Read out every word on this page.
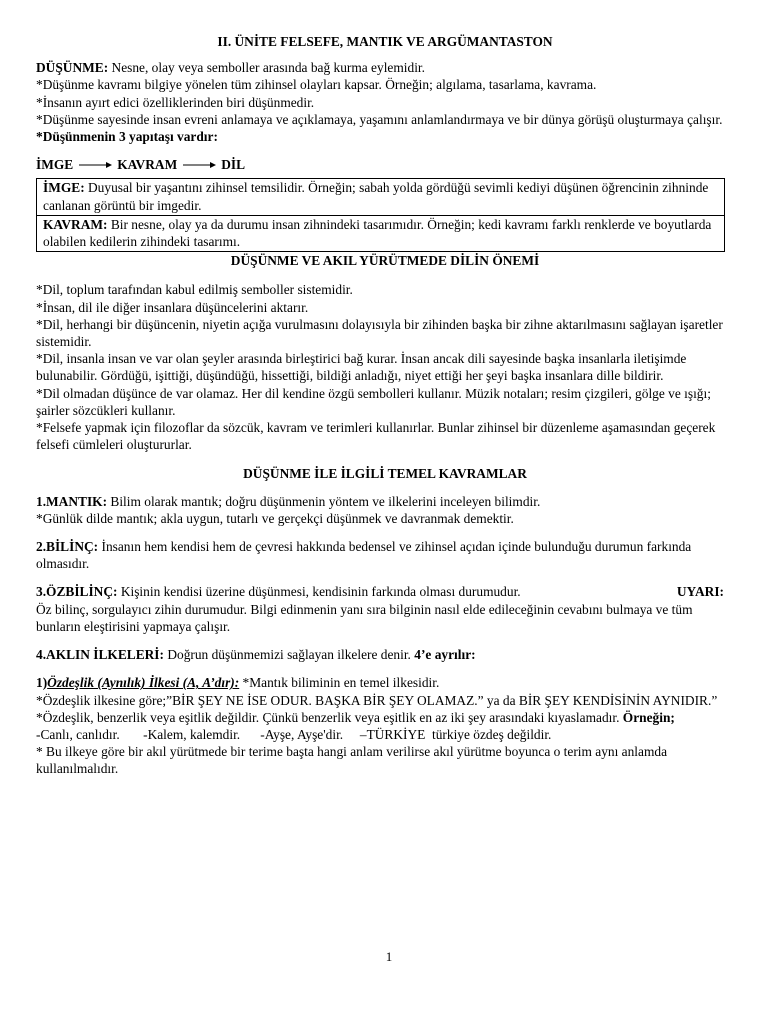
II. ÜNİTE FELSEFE, MANTIK VE ARGÜMANTASTON
DÜŞÜNME: Nesne, olay veya semboller arasında bağ kurma eylemidir.
*Düşünme kavramı bilgiye yönelen tüm zihinsel olayları kapsar. Örneğin; algılama, tasarlama, kavrama.
*İnsanın ayırt edici özelliklerinden biri düşünmedir.
*Düşünme sayesinde insan evreni anlamaya ve açıklamaya, yaşamını anlamlandırmaya ve bir dünya görüşü oluşturmaya çalışır.
*Düşünmenin 3 yapıtaşı vardır:
İMGE	KAVRAM	DİL
İMGE: Duyusal bir yaşantını zihinsel temsilidir. Örneğin; sabah yolda gördüğü sevimli kediyi düşünen öğrencinin zihninde canlanan görüntü bir imgedir.
KAVRAM: Bir nesne, olay ya da durumu insan zihnindeki tasarımıdır. Örneğin; kedi kavramı farklı renklerde ve boyutlarda olabilen kedilerin zihindeki tasarımı.
DÜŞÜNME VE AKIL YÜRÜTMEDE DİLİN ÖNEMİ
*Dil, toplum tarafından kabul edilmiş semboller sistemidir.
*İnsan, dil ile diğer insanlara düşüncelerini aktarır.
*Dil, herhangi bir düşüncenin, niyetin açığa vurulmasını dolayısıyla bir zihinden başka bir zihne aktarılmasını sağlayan işaretler sistemidir.
*Dil, insanla insan ve var olan şeyler arasında birleştirici bağ kurar. İnsan ancak dili sayesinde başka insanlarla iletişimde bulunabilir. Gördüğü, işittiği, düşündüğü, hissettiği, bildiği anladığı, niyet ettiği her şeyi başka insanlara dille bildirir.
*Dil olmadan düşünce de var olamaz. Her dil kendine özgü sembolleri kullanır. Müzik notaları; resim çizgileri, gölge ve ışığı; şairler sözcükleri kullanır.
*Felsefe yapmak için filozoflar da sözcük, kavram ve terimleri kullanırlar. Bunlar zihinsel bir düzenleme aşamasından geçerek felsefi cümleleri oluştururlar.
DÜŞÜNME İLE İLGİLİ TEMEL KAVRAMLAR
1.MANTIK: Bilim olarak mantık; doğru düşünmenin yöntem ve ilkelerini inceleyen bilimdir.
*Günlük dilde mantık; akla uygun, tutarlı ve gerçekçi düşünmek ve davranmak demektir.
2.BİLİNÇ: İnsanın hem kendisi hem de çevresi hakkında bedensel ve zihinsel açıdan içinde bulunduğu durumun farkında olmasıdır.
3.ÖZBİLİNÇ: Kişinin kendisi üzerine düşünmesi, kendisinin farkında olması durumudur.	UYARI:
Öz bilinç, sorgulayıcı zihin durumudur. Bilgi edinmenin yanı sıra bilginin nasıl elde edileceğinin cevabını bulmaya ve tüm bunların eleştirisini yapmaya çalışır.
4.AKLIN İLKELERİ: Doğrun düşünmemizi sağlayan ilkelere denir. 4’e ayrılır:
1)Özdeşlik (Aynılık) İlkesi (A, A’dır): *Mantık biliminin en temel ilkesidir.
*Özdeşlik ilkesine göre;”BİR ŞEY NE İSE ODUR. BAŞKA BİR ŞEY OLAMAZ.” ya da BİR ŞEY KENDİSİNİN AYNIDIR.”
*Özdeşlik, benzerlik veya eşitlik değildir. Çünkü benzerlik veya eşitlik en az iki şey arasındaki kıyaslamadır. Örneğin;
-Canlı, canlıdır.       -Kalem, kalemdir.      -Ayşe, Ayşe'dir.     –TÜRKİYE  türkiye özdeş değildir.
* Bu ilkeye göre bir akıl yürütmede bir terime başta hangi anlam verilirse akıl yürütme boyunca o terim aynı anlamda kullanılmalıdır.
1
